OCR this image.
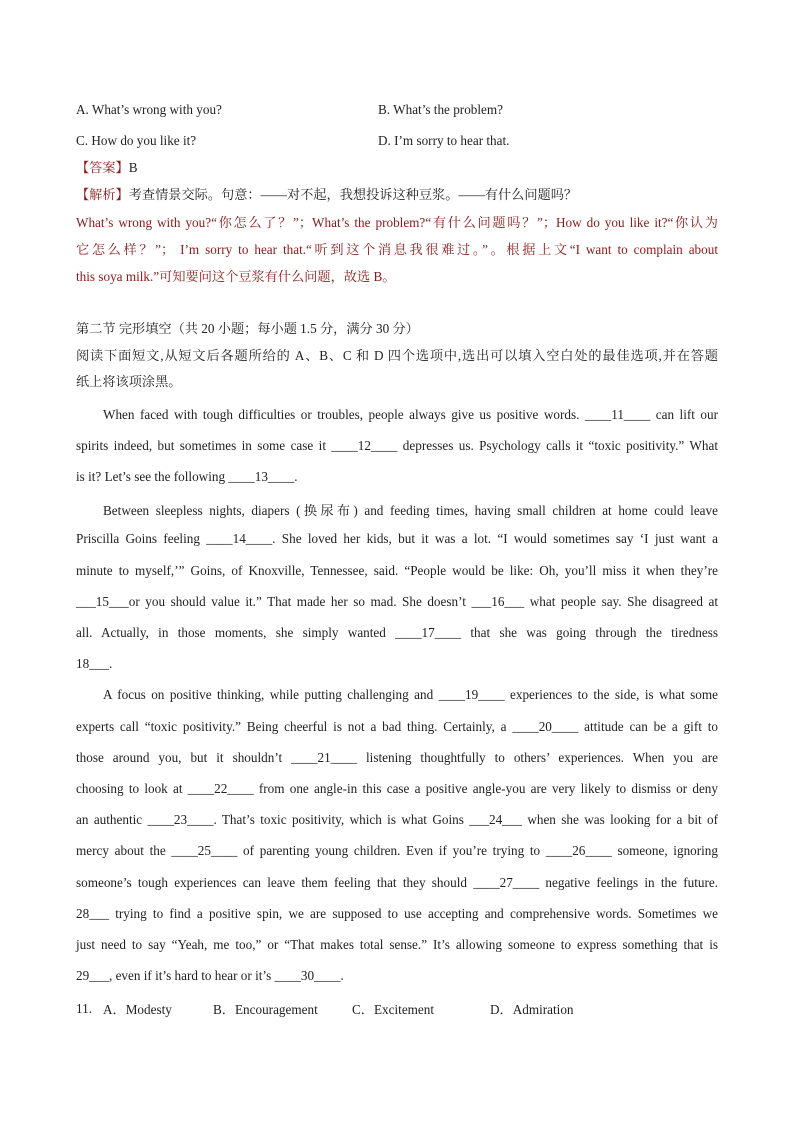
A. What’s wrong with you?	B. What’s the problem?
C. How do you like it?	D. I’m sorry to hear that.
【答案】B
【解析】考查情景交际。句意：——对不起，我想投诉这种豆浆。——有什么问题吗？
What’s wrong with you?“你怎么了？”；What’s the problem?“有什么问题吗？”；How do you like it?“你认为
它怎么样？”； I’m sorry to hear that.“听到这个消息我很难过。”。根据上文“I want to complain about
this soya milk.”可知要问这个豆浆有什么问题，故选 B。
第二节 完形填空（共 20 小题；每小题 1.5 分，满分 30 分）
阅读下面短文,从短文后各题所给的 A、B、C 和 D 四个选项中,选出可以填入空白处的最佳选项,并在答题
纸上将该项涂黑。
When faced with tough difficulties or troubles, people always give us positive words. ____11____ can lift our
spirits indeed, but sometimes in some case it ____12____ depresses us. Psychology calls it “toxic positivity.” What
is it? Let’s see the following ____13____.
Between sleepless nights, diapers (换尿布) and feeding times, having small children at home could leave
Priscilla Goins feeling ____14____. She loved her kids, but it was a lot. “I would sometimes say ‘I just want a
minute to myself,’” Goins, of Knoxville, Tennessee, said. “People would be like: Oh, you’ll miss it when they’re
___15___or you should value it.” That made her so mad. She doesn’t ___16___ what people say. She disagreed at
all. Actually, in those moments, she simply wanted ____17____ that she was going through the tiredness
18___.
A focus on positive thinking, while putting challenging and ____19____ experiences to the side, is what some
experts call “toxic positivity.” Being cheerful is not a bad thing. Certainly, a ____20____ attitude can be a gift to
those around you, but it shouldn’t ____21____ listening thoughtfully to others’ experiences. When you are
choosing to look at ____22____ from one angle-in this case a positive angle-you are very likely to dismiss or deny
an authentic ____23____. That’s toxic positivity, which is what Goins ___24___ when she was looking for a bit of
mercy about the ____25____ of parenting young children. Even if you’re trying to ____26____ someone, ignoring
someone’s tough experiences can leave them feeling that they should ____27____ negative feelings in the future.
28___ trying to find a positive spin, we are supposed to use accepting and comprehensive words. Sometimes we
just need to say “Yeah, me too,” or “That makes total sense.” It’s allowing someone to express something that is
29___, even if it’s hard to hear or it’s ____30____.
11. A．Modesty	B．Encouragement	C．Excitement	D．Admiration
